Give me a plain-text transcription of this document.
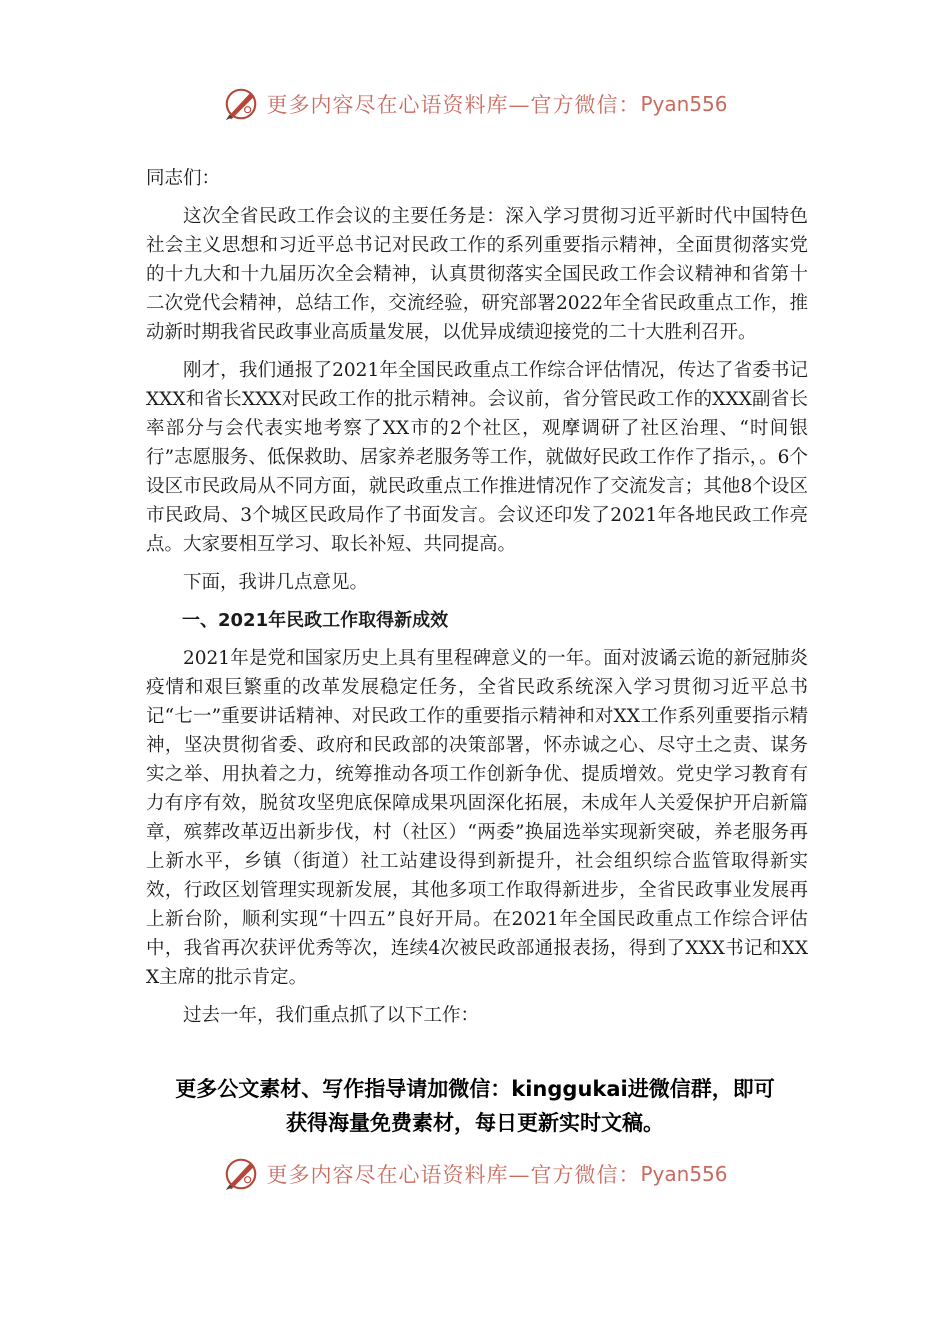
更多内容尽在心语资料库—官方微信： Pyan556

同志们：

这次全省民政工作会议的主要任务是：深入学习贯彻习近平新时代中国特色社会主义思想和习近平总书记对民政工作的系列重要指示精神，全面贯彻落实党的十九大和十九届历次全会精神，认真贯彻落实全国民政工作会议精神和省第十二次党代会精神，总结工作，交流经验，研究部署2022年全省民政重点工作，推动新时期我省民政事业高质量发展，以优异成绩迎接党的二十大胜利召开。

刚才，我们通报了2021年全国民政重点工作综合评估情况，传达了省委书记XXX和省长XXX对民政工作的批示精神。会议前，省分管民政工作的XXX副省长率部分与会代表实地考察了XX市的2个社区，观摩调研了社区治理、“时间银行”志愿服务、低保救助、居家养老服务等工作，就做好民政工作作了指示，。6个设区市民政局从不同方面，就民政重点工作推进情况作了交流发言；其他8个设区市民政局、3个城区民政局作了书面发言。会议还印发了2021年各地民政工作亮点。大家要相互学习、取长补短、共同提高。

下面，我讲几点意见。

一、2021年民政工作取得新成效

2021年是党和国家历史上具有里程碑意义的一年。面对波谲云诡的新冠肺炎疫情和艰巨繁重的改革发展稳定任务，全省民政系统深入学习贯彻习近平总书记“七一”重要讲话精神、对民政工作的重要指示精神和对XX工作系列重要指示精神，坚决贯彻省委、政府和民政部的决策部署，怀赤诚之心、尽守土之责、谋务实之举、用执着之力，统筹推动各项工作创新争优、提质增效。党史学习教育有力有序有效，脱贫攻坚兜底保障成果巩固深化拓展，未成年人关爱保护开启新篇章，殡葬改革迈出新步伐，村（社区）“两委”换届选举实现新突破，养老服务再上新水平，乡镇（街道）社工站建设得到新提升，社会组织综合监管取得新实效，行政区划管理实现新发展，其他多项工作取得新进步，全省民政事业发展再上新台阶，顺利实现“十四五”良好开局。在2021年全国民政重点工作综合评估中，我省再次获评优秀等次，连续4次被民政部通报表扬，得到了XXX书记和XXX主席的批示肯定。

过去一年，我们重点抓了以下工作：

更多公文素材、写作指导请加微信：kinggukai进微信群，即可
获得海量免费素材，每日更新实时文稿。
更多内容尽在心语资料库—官方微信： Pyan556
